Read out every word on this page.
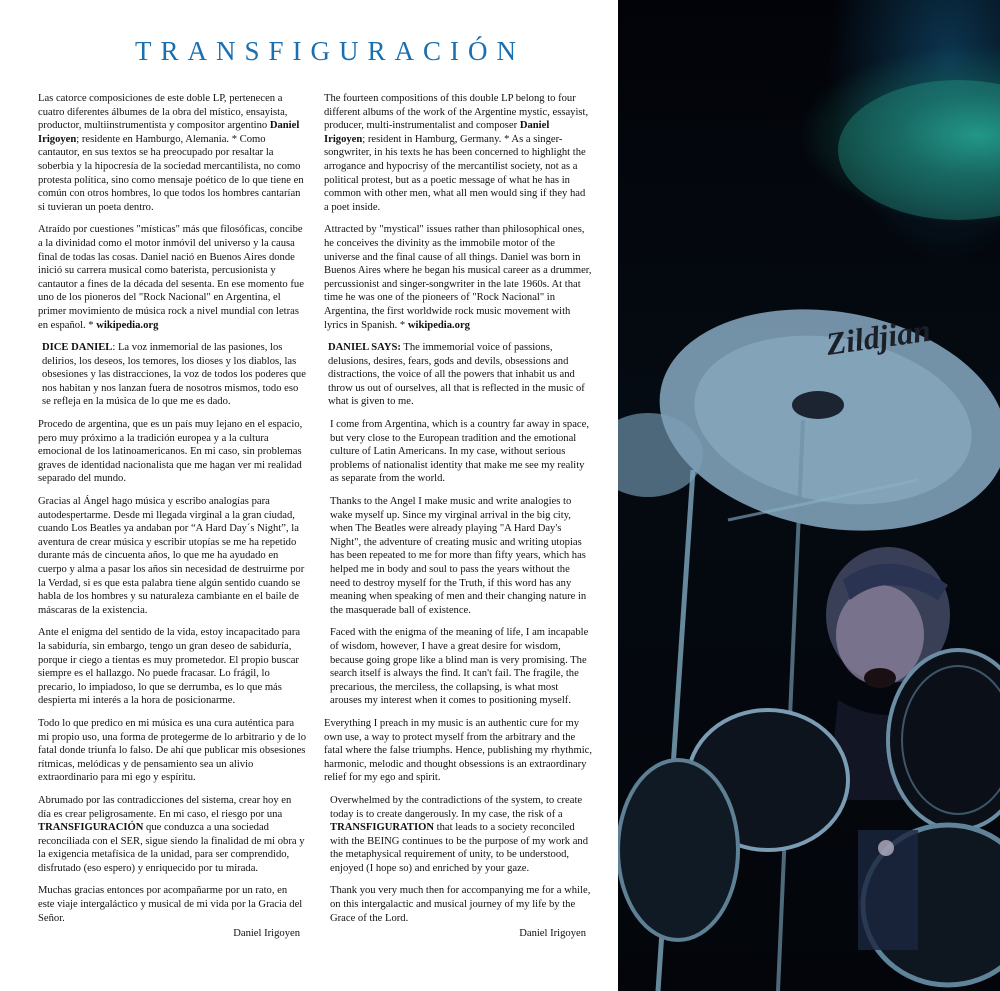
TRANSFIGURACIÓN

Las catorce composiciones de este doble LP, pertenecen a cuatro diferentes álbumes de la obra del místico, ensayista, productor, multiinstrumentista y compositor argentino Daniel Irigoyen; residente en Hamburgo, Alemania. * Como cantautor, en sus textos se ha preocupado por resaltar la soberbia y la hipocresía de la sociedad mercantilista, no como protesta política, sino como mensaje poético de lo que tiene en común con otros hombres, lo que todos los hombres cantarían si tuvieran un poeta dentro.

Atraído por cuestiones "místicas" más que filosóficas, concibe a la divinidad como el motor inmóvil del universo y la causa final de todas las cosas. Daniel nació en Buenos Aires donde inició su carrera musical como baterista, percusionista y cantautor a fines de la década del sesenta. En ese momento fue uno de los pioneros del "Rock Nacional" en Argentina, el primer movimiento de música rock a nivel mundial con letras en español. * wikipedia.org

DICE DANIEL: La voz inmemorial de las pasiones, los delirios, los deseos, los temores, los dioses y los diablos, las obsesiones y las distracciones, la voz de todos los poderes que nos habitan y nos lanzan fuera de nosotros mismos, todo eso se refleja en la música de lo que me es dado.

Procedo de argentina, que es un país muy lejano en el espacio, pero muy próximo a la tradición europea y a la cultura emocional de los latinoamericanos. En mi caso, sin problemas graves de identidad nacionalista que me hagan ver mi realidad separado del mundo.

Gracias al Ángel hago música y escribo analogías para autodespertarme. Desde mi llegada virginal a la gran ciudad, cuando Los Beatles ya andaban por “A Hard Day´s Night”, la aventura de crear música y escribir utopías se me ha repetido durante más de cincuenta años, lo que me ha ayudado en cuerpo y alma a pasar los años sin necesidad de destruirme por la Verdad, si es que esta palabra tiene algún sentido cuando se habla de los hombres y su naturaleza cambiante en el baile de máscaras de la existencia.

Ante el enigma del sentido de la vida, estoy incapacitado para la sabiduría, sin embargo, tengo un gran deseo de sabiduría, porque ir ciego a tientas es muy prometedor. El propio buscar siempre es el hallazgo. No puede fracasar. Lo frágil, lo precario, lo impiadoso, lo que se derrumba, es lo que más despierta mi interés a la hora de posicionarme.

Todo lo que predico en mi música es una cura auténtica para mi propio uso, una forma de protegerme de lo arbitrario y de lo fatal donde triunfa lo falso. De ahí que publicar mis obsesiones rítmicas, melódicas y de pensamiento sea un alivio extraordinario para mi ego y espíritu.

Abrumado por las contradicciones del sistema, crear hoy en día es crear peligrosamente. En mi caso, el riesgo por una TRANSFIGURACIÓN que conduzca a una sociedad reconciliada con el SER, sigue siendo la finalidad de mi obra y la exigencia metafísica de la unidad, para ser comprendido, disfrutado (eso espero) y enriquecido por tu mirada.

Muchas gracias entonces por acompañarme por un rato, en este viaje intergaláctico y musical de mi vida por la Gracia del Señor.

Daniel Irigoyen

The fourteen compositions of this double LP belong to four different albums of the work of the Argentine mystic, essayist, producer, multi-instrumentalist and composer Daniel Irigoyen; resident in Hamburg, Germany. * As a singer-songwriter, in his texts he has been concerned to highlight the arrogance and hypocrisy of the mercantilist society, not as a political protest, but as a poetic message of what he has in common with other men, what all men would sing if they had a poet inside.

Attracted by "mystical" issues rather than philosophical ones, he conceives the divinity as the immobile motor of the universe and the final cause of all things. Daniel was born in Buenos Aires where he began his musical career as a drummer, percussionist and singer-songwriter in the late 1960s. At that time he was one of the pioneers of "Rock Nacional" in Argentina, the first worldwide rock music movement with lyrics in Spanish. * wikipedia.org

DANIEL SAYS: The immemorial voice of passions, delusions, desires, fears, gods and devils, obsessions and distractions, the voice of all the powers that inhabit us and throw us out of ourselves, all that is reflected in the music of what is given to me.

I come from Argentina, which is a country far away in space, but very close to the European tradition and the emotional culture of Latin Americans. In my case, without serious problems of nationalist identity that make me see my reality as separate from the world.

Thanks to the Angel I make music and write analogies to wake myself up. Since my virginal arrival in the big city, when The Beatles were already playing "A Hard Day's Night", the adventure of creating music and writing utopias has been repeated to me for more than fifty years, which has helped me in body and soul to pass the years without the need to destroy myself for the Truth, if this word has any meaning when speaking of men and their changing nature in the masquerade ball of existence.

Faced with the enigma of the meaning of life, I am incapable of wisdom, however, I have a great desire for wisdom, because going grope like a blind man is very promising. The search itself is always the find. It can't fail. The fragile, the precarious, the merciless, the collapsing, is what most arouses my interest when it comes to positioning myself.

Everything I preach in my music is an authentic cure for my own use, a way to protect myself from the arbitrary and the fatal where the false triumphs. Hence, publishing my rhythmic, harmonic, melodic and thought obsessions is an extraordinary relief for my ego and spirit.

Overwhelmed by the contradictions of the system, to create today is to create dangerously. In my case, the risk of a TRANSFIGURATION that leads to a society reconciled with the BEING continues to be the purpose of my work and the metaphysical requirement of unity, to be understood, enjoyed (I hope so) and enriched by your gaze.

Thank you very much then for accompanying me for a while, on this intergalactic and musical journey of my life by the Grace of the Lord.

Daniel Irigoyen
Zildjian
